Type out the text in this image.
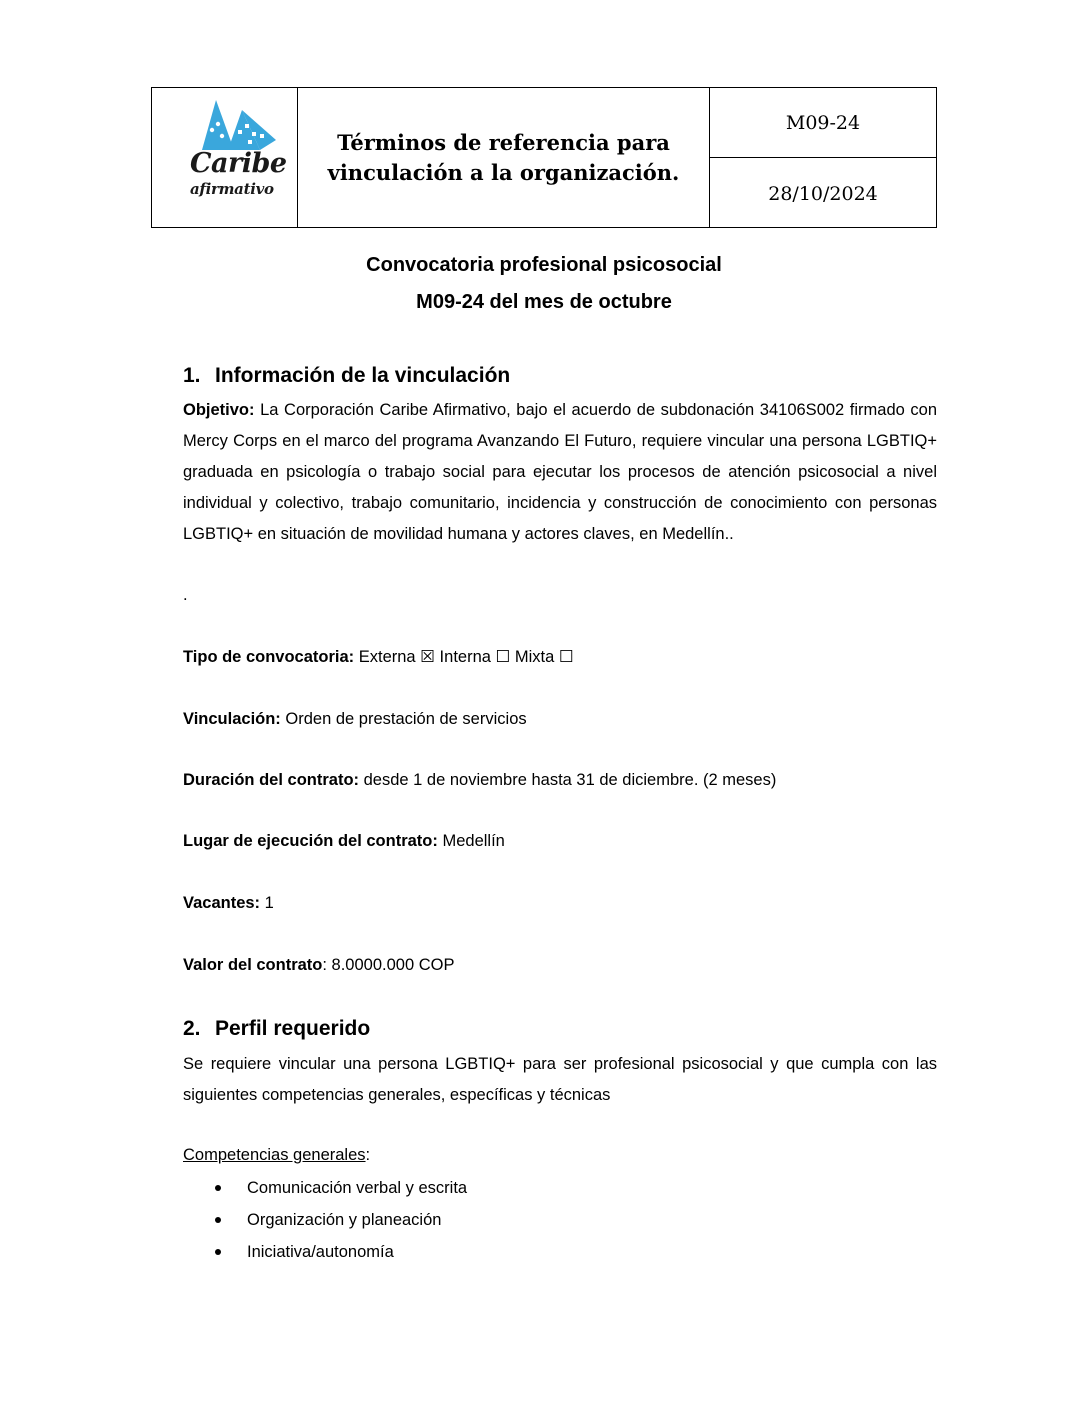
Caribe
afirmativo
Términos de referencia para vinculación a la organización.
M09-24
28/10/2024
Convocatoria profesional psicosocial
M09-24 del mes de octubre
1. Información de la vinculación
Objetivo: La Corporación Caribe Afirmativo, bajo el acuerdo de subdonación 34106S002 firmado con Mercy Corps en el marco del programa Avanzando El Futuro, requiere vincular una persona LGBTIQ+ graduada en psicología o trabajo social para ejecutar los procesos de atención psicosocial a nivel individual y colectivo, trabajo comunitario, incidencia y construcción de conocimiento con personas LGBTIQ+ en situación de movilidad humana y actores claves, en Medellín..
.
Tipo de convocatoria: Externa ☒ Interna ☐ Mixta ☐
Vinculación: Orden de prestación de servicios
Duración del contrato: desde 1 de noviembre hasta 31 de diciembre. (2 meses)
Lugar de ejecución del contrato: Medellín
Vacantes: 1
Valor del contrato: 8.0000.000 COP
2. Perfil requerido
Se requiere vincular una persona LGBTIQ+ para ser profesional psicosocial y que cumpla con las siguientes competencias generales, específicas y técnicas
Competencias generales:
Comunicación verbal y escrita
Organización y planeación
Iniciativa/autonomía
